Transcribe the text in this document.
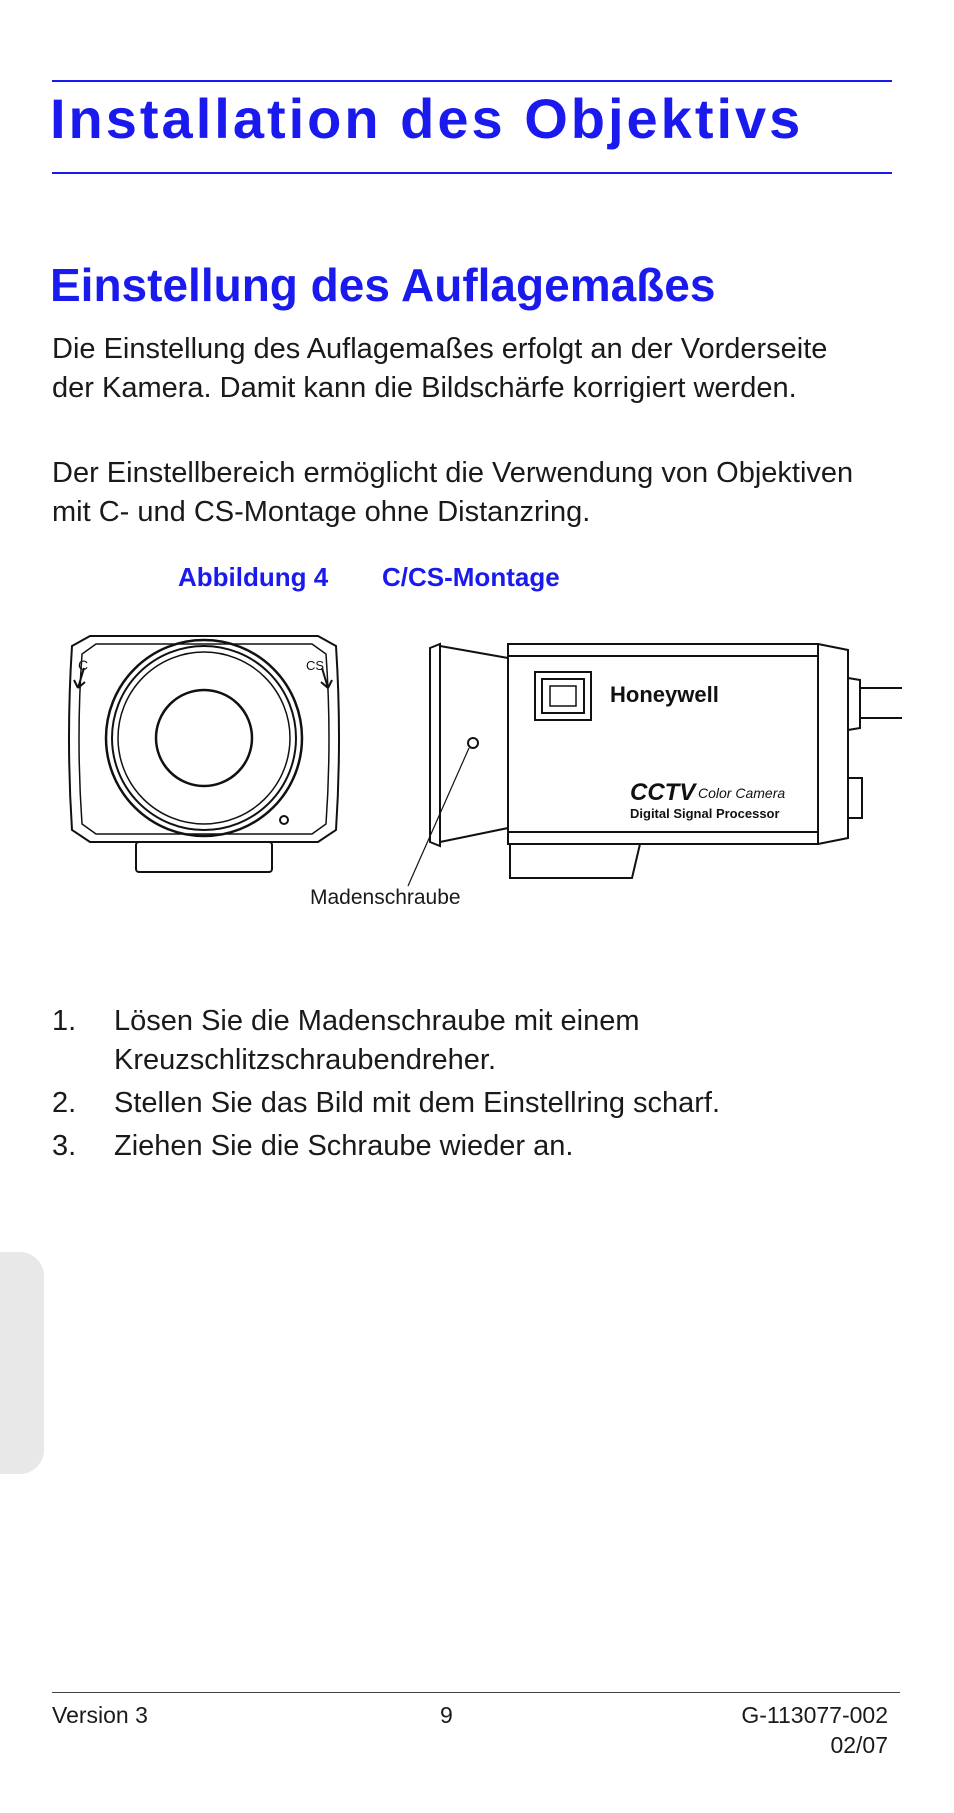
Installation des Objektivs
Einstellung des Auflagemaßes

Die Einstellung des Auflagemaßes erfolgt an der Vorderseite der Kamera. Damit kann die Bildschärfe korrigiert werden.

Der Einstellbereich ermöglicht die Verwendung von Objektiven mit C- und CS-Montage ohne Distanzring.

Abbildung 4 C/CS-Montage
C	CS
Honeywell
CCTV Color Camera
Digital Signal Processor
Madenschraube
1. Lösen Sie die Madenschraube mit einem Kreuzschlitzschraubendreher.
2. Stellen Sie das Bild mit dem Einstellring scharf.
3. Ziehen Sie die Schraube wieder an.
Version 3	9	G-113077-002
02/07
